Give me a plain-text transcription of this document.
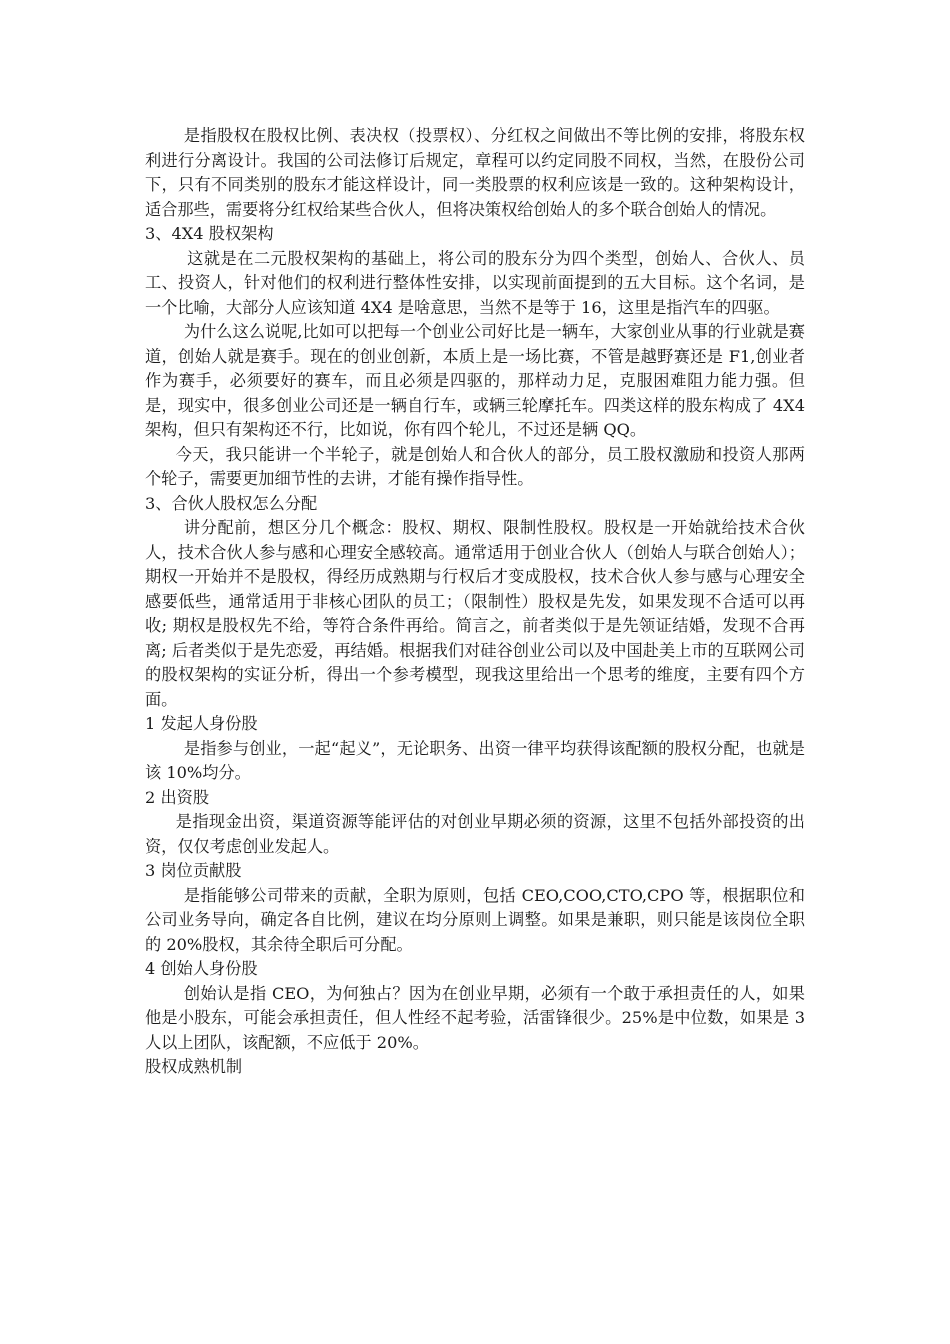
是指股权在股权比例、表决权（投票权）、分红权之间做出不等比例的安排，将股东权利进行分离设计。我国的公司法修订后规定，章程可以约定同股不同权，当然，在股份公司下，只有不同类别的股东才能这样设计，同一类股票的权利应该是一致的。这种架构设计，适合那些，需要将分红权给某些合伙人，但将决策权给创始人的多个联合创始人的情况。

3、4X4 股权架构

这就是在二元股权架构的基础上，将公司的股东分为四个类型，创始人、合伙人、员工、投资人，针对他们的权利进行整体性安排，以实现前面提到的五大目标。这个名词，是一个比喻，大部分人应该知道 4X4 是啥意思，当然不是等于 16，这里是指汽车的四驱。

为什么这么说呢,比如可以把每一个创业公司好比是一辆车，大家创业从事的行业就是赛道，创始人就是赛手。现在的创业创新，本质上是一场比赛，不管是越野赛还是 F1,创业者作为赛手，必须要好的赛车，而且必须是四驱的，那样动力足，克服困难阻力能力强。但是，现实中，很多创业公司还是一辆自行车，或辆三轮摩托车。四类这样的股东构成了 4X4 架构，但只有架构还不行，比如说，你有四个轮儿，不过还是辆 QQ。

今天，我只能讲一个半轮子，就是创始人和合伙人的部分，员工股权激励和投资人那两个轮子，需要更加细节性的去讲，才能有操作指导性。

3、合伙人股权怎么分配

讲分配前，想区分几个概念：股权、期权、限制性股权。股权是一开始就给技术合伙人，技术合伙人参与感和心理安全感较高。通常适用于创业合伙人（创始人与联合创始人）；期权一开始并不是股权，得经历成熟期与行权后才变成股权，技术合伙人参与感与心理安全感要低些，通常适用于非核心团队的员工；（限制性）股权是先发，如果发现不合适可以再收; 期权是股权先不给，等符合条件再给。简言之，前者类似于是先领证结婚，发现不合再离; 后者类似于是先恋爱，再结婚。根据我们对硅谷创业公司以及中国赴美上市的互联网公司的股权架构的实证分析，得出一个参考模型，现我这里给出一个思考的维度，主要有四个方面。

1 发起人身份股

是指参与创业，一起“起义”，无论职务、出资一律平均获得该配额的股权分配，也就是该 10%均分。

2 出资股

是指现金出资，渠道资源等能评估的对创业早期必须的资源，这里不包括外部投资的出资，仅仅考虑创业发起人。

3 岗位贡献股

是指能够公司带来的贡献，全职为原则，包括 CEO,COO,CTO,CPO 等，根据职位和公司业务导向，确定各自比例，建议在均分原则上调整。如果是兼职，则只能是该岗位全职的 20%股权，其余待全职后可分配。

4 创始人身份股

创始认是指 CEO，为何独占？因为在创业早期，必须有一个敢于承担责任的人，如果他是小股东，可能会承担责任，但人性经不起考验，活雷锋很少。25%是中位数，如果是 3 人以上团队，该配额，不应低于 20%。

股权成熟机制
